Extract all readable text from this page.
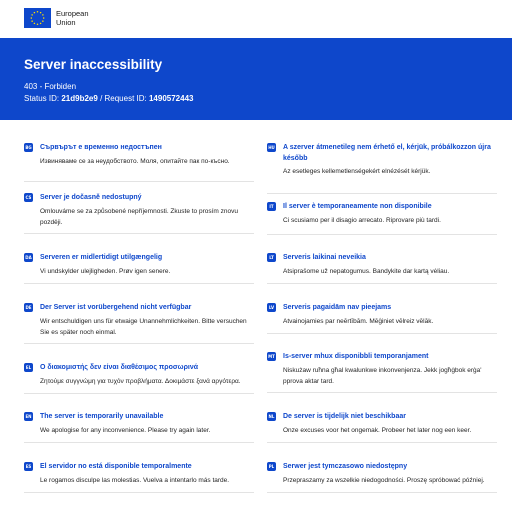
European
Union
Server inaccessibility
403 - Forbiden
Status ID: 21d9b2e9 / Request ID: 1490572443
BG Сървърът е временно недостъпен
Извиняваме се за неудобството. Моля, опитайте пак по-късно.
CS Server je dočasně nedostupný
Omlouváme se za způsobené nepříjemnosti. Zkuste to prosím znovu později.
DA Serveren er midlertidigt utilgængelig
Vi undskylder ulejligheden. Prøv igen senere.
DE Der Server ist vorübergehend nicht verfügbar
Wir entschuldigen uns für etwaige Unannehmlichkeiten. Bitte versuchen Sie es später noch einmal.
EL Ο διακομιστής δεν είναι διαθέσιμος προσωρινά
Ζητούμε συγγνώμη για τυχόν προβλήματα. Δοκιμάστε ξανά αργότερα.
EN The server is temporarily unavailable
We apologise for any inconvenience. Please try again later.
ES El servidor no está disponible temporalmente
Le rogamos disculpe las molestias. Vuelva a intentarlo más tarde.
HU A szerver átmenetileg nem érhető el, kérjük, próbálkozzon újra később
Az esetleges kellemetlenségekért elnézését kérjük.
IT	Il server è temporaneamente non disponibile
Ci scusiamo per il disagio arrecato. Riprovare più tardi.
LT	Serveris laikinai neveikia
Atsiprašome už nepatogumus. Bandykite dar kartą vėliau.
LV Serveris pagaidām nav pieejams
Atvainojamies par neērtībām. Mēģiniet vēlreiz vēlāk.
MT Is-server mhux disponibbli temporanjament
Niskużaw ruħna għal kwalunkwe inkonvenjenza. Jekk jogħġbok erġa' pprova aktar tard.
NL De server is tijdelijk niet beschikbaar
Onze excuses voor het ongemak. Probeer het later nog een keer.
PL Serwer jest tymczasowo niedostępny
Przepraszamy za wszelkie niedogodności. Proszę spróbować później.
